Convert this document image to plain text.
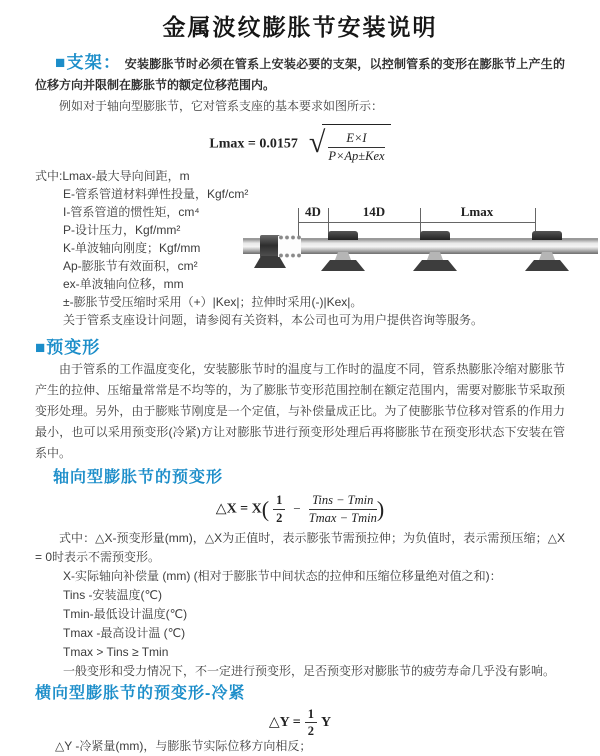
金属波纹膨胀节安装说明
■支架： 安装膨胀节时必须在管系上安装必要的支架，以控制管系的变形在膨胀节上产生的位移方向并限制在膨胀节的额定位移范围内。
例如对于轴向型膨胀节，它对管系支座的基本要求如图所示：
Lmax = 0.0157 √ $\frac{E\times I}{\text{P×Ap±Kex}}$
式中:Lmax-最大导向间距，m
E-管系管道材料弹性投量，Kgf/cm²
I-管系管道的惯性矩，cm⁴
P-设计压力，Kgf/mm²
K-单波轴向刚度；Kgf/mm
Ap-膨胀节有效面积，cm²
ex-单波轴向位移，mm
±-膨胀节受压缩时采用（+）|Kex|；拉伸时采用(-)|Kex|。
关于管系支座设计问题，请参阅有关资料，本公司也可为用户提供咨询等服务。
4D	14D	Lmax
■预变形
由于管系的工作温度变化，安装膨胀节时的温度与工作时的温度不同，管系热膨胀冷缩对膨胀节产生的拉伸、压缩量常常是不均等的，为了膨胀节变形范围控制在额定范围内，需要对膨胀节采取预变形处理。另外，由于膨账节刚度是一个定值，与补偿量成正比。为了使膨胀节位移对管系的作用力最小，也可以采用预变形(冷紧)方让对膨胀节进行预变形处理后再将膨胀节在预变形状态下安装在管系中。
轴向型膨胀节的预变形
△X = $X( \frac{1}{2} - \frac{\text{Tins − Tmin}}{Tmax - Tmin}$ )
式中：△X-预变形量(mm)，△X为正值时，表示膨张节需预拉伸；为负值时，表示需预压缩；△X = 0时表示不需预变形。
X-实际轴向补偿量 (mm) (相对于膨胀节中间状态的拉伸和压缩位移量绝对值之和)：
Tins -安装温度(℃)
Tmin-最低设计温度(℃)
Tmax -最高设计温 (℃)
Tmax > Tins ≥ Tmin
一般变形和受力情况下，不一定进行预变形，足否预变形对膨胀节的疲劳寿命几乎没有影响。
横向型膨胀节的预变形-冷紧
△Y = $\frac{1}{2}$ Y
△Y -冷紧量(mm)，与膨胀节实际位移方向相反；
